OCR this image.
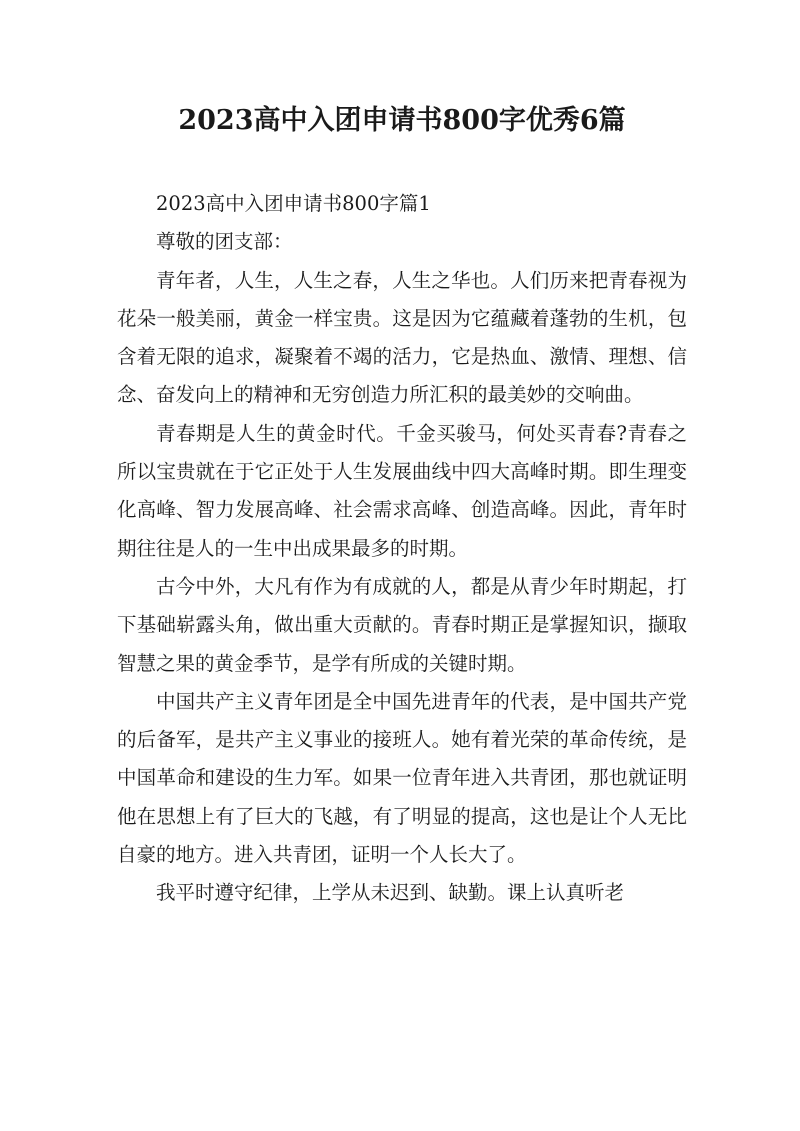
2023高中入团申请书800字优秀6篇

2023高中入团申请书800字篇1

尊敬的团支部：

青年者，人生，人生之春，人生之华也。人们历来把青春视为花朵一般美丽，黄金一样宝贵。这是因为它蕴藏着蓬勃的生机，包含着无限的追求，凝聚着不竭的活力，它是热血、激情、理想、信念、奋发向上的精神和无穷创造力所汇积的最美妙的交响曲。

青春期是人生的黄金时代。千金买骏马，何处买青春?青春之所以宝贵就在于它正处于人生发展曲线中四大高峰时期。即生理变化高峰、智力发展高峰、社会需求高峰、创造高峰。因此，青年时期往往是人的一生中出成果最多的时期。

古今中外，大凡有作为有成就的人，都是从青少年时期起，打下基础崭露头角，做出重大贡献的。青春时期正是掌握知识，撷取智慧之果的黄金季节，是学有所成的关键时期。

中国共产主义青年团是全中国先进青年的代表，是中国共产党的后备军，是共产主义事业的接班人。她有着光荣的革命传统，是中国革命和建设的生力军。如果一位青年进入共青团，那也就证明他在思想上有了巨大的飞越，有了明显的提高，这也是让个人无比自豪的地方。进入共青团，证明一个人长大了。

我平时遵守纪律，上学从未迟到、缺勤。课上认真听老
